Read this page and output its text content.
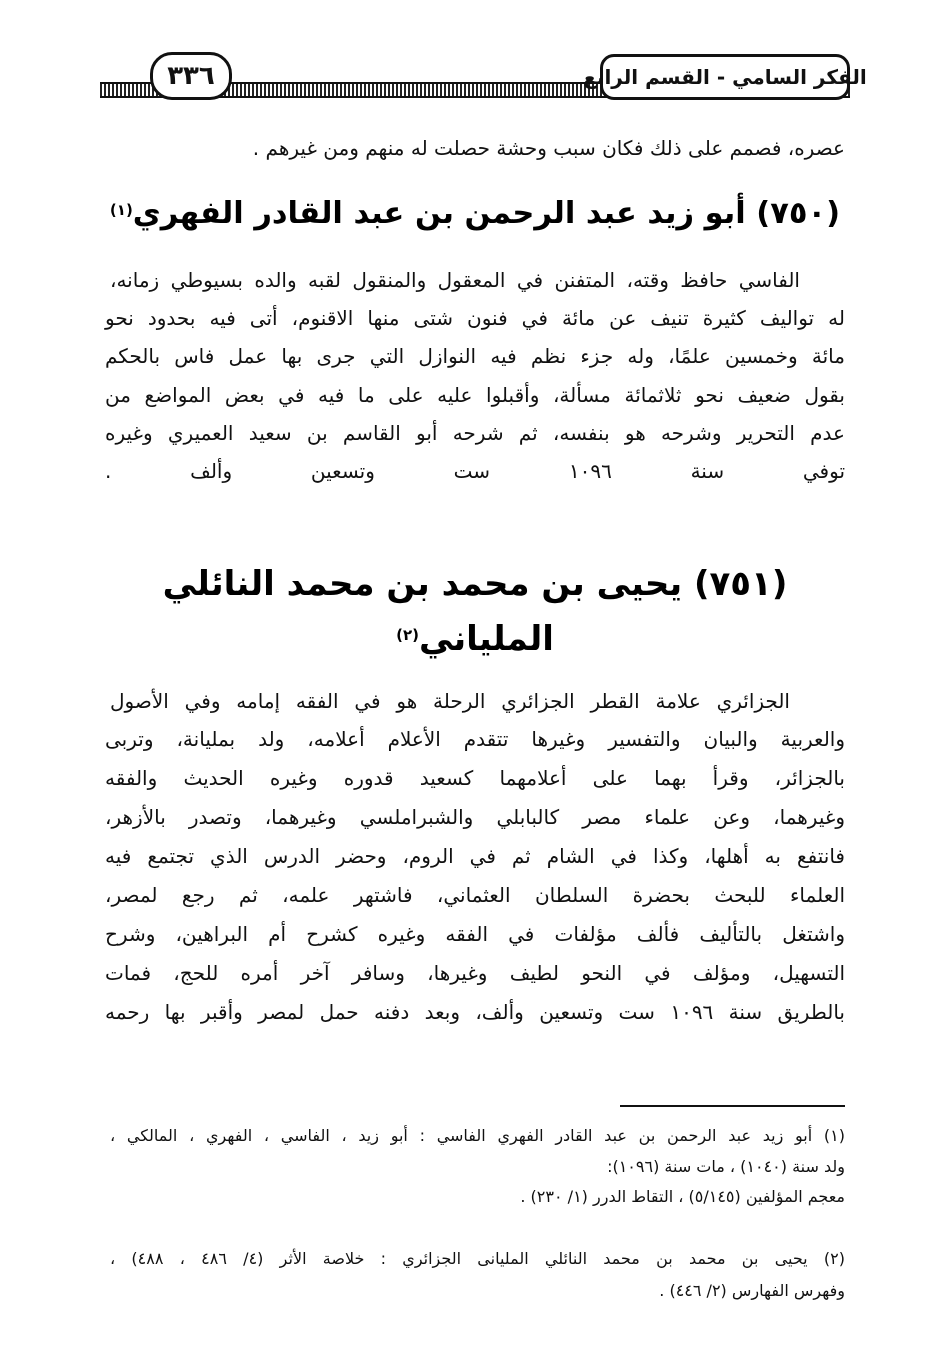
الفكر السامي - القسم الرابع
٣٣٦
عصره، فصمم على ذلك فكان سبب وحشة حصلت له منهم ومن غيرهم .
(٧٥٠) أبو زيد عبد الرحمن بن عبد القادر الفهري$^{(١)}$
الفاسي حافظ وقته، المتفنن في المعقول والمنقول لقبه والده بسيوطي زمانه،
له تواليف كثيرة تنيف عن مائة في فنون شتى منها الاقنوم، أتى فيه بحدود نحو
مائة وخمسين علمًا، وله جزء نظم فيه النوازل التي جرى بها عمل فاس بالحكم
بقول ضعيف نحو ثلاثمائة مسألة، وأقبلوا عليه على ما فيه في بعض المواضع من
عدم التحرير وشرحه هو بنفسه، ثم شرحه أبو القاسم بن سعيد العميري وغيره
توفي سنة ١٠٩٦ ست وتسعين وألف .
(٧٥١) يحيى بن محمد بن محمد النائلي
الملياني$^{(٢)}$
الجزائري علامة القطر الجزائري الرحلة هو في الفقه إمامه وفي الأصول
والعربية والبيان والتفسير وغيرها تتقدم الأعلام أعلامه، ولد بمليانة، وتربى
بالجزائر، وقرأ بهما على أعلامهما كسعيد قدوره وغيره الحديث والفقه
وغيرهما، وعن علماء مصر كالبابلي والشبراملسي وغيرهما، وتصدر بالأزهر،
فانتفع به أهلها، وكذا في الشام ثم في الروم، وحضر الدرس الذي تجتمع فيه
العلماء للبحث بحضرة السلطان العثماني، فاشتهر علمه، ثم رجع لمصر،
واشتغل بالتأليف فألف مؤلفات في الفقه وغيره كشرح أم البراهين، وشرح
التسهيل، ومؤلف في النحو لطيف وغيرها، وسافر آخر أمره للحج، فمات
بالطريق سنة ١٠٩٦ ست وتسعين وألف، وبعد دفنه حمل لمصر وأقبر بها رحمه
(١) أبو زيد عبد الرحمن بن عبد القادر الفهري الفاسي : أبو زيد ، الفاسي ، الفهري ، المالكي ،
ولد سنة (١٠٤٠) ، مات سنة (١٠٩٦):
معجم المؤلفين (٥/١٤٥) ، التقاط الدرر (١/ ٢٣٠) .
(٢) يحيى بن محمد بن محمد النائلي المليانى الجزائري : خلاصة الأثر (٤/ ٤٨٦ ، ٤٨٨) ،
وفهرس الفهارس (٢/ ٤٤٦) .
